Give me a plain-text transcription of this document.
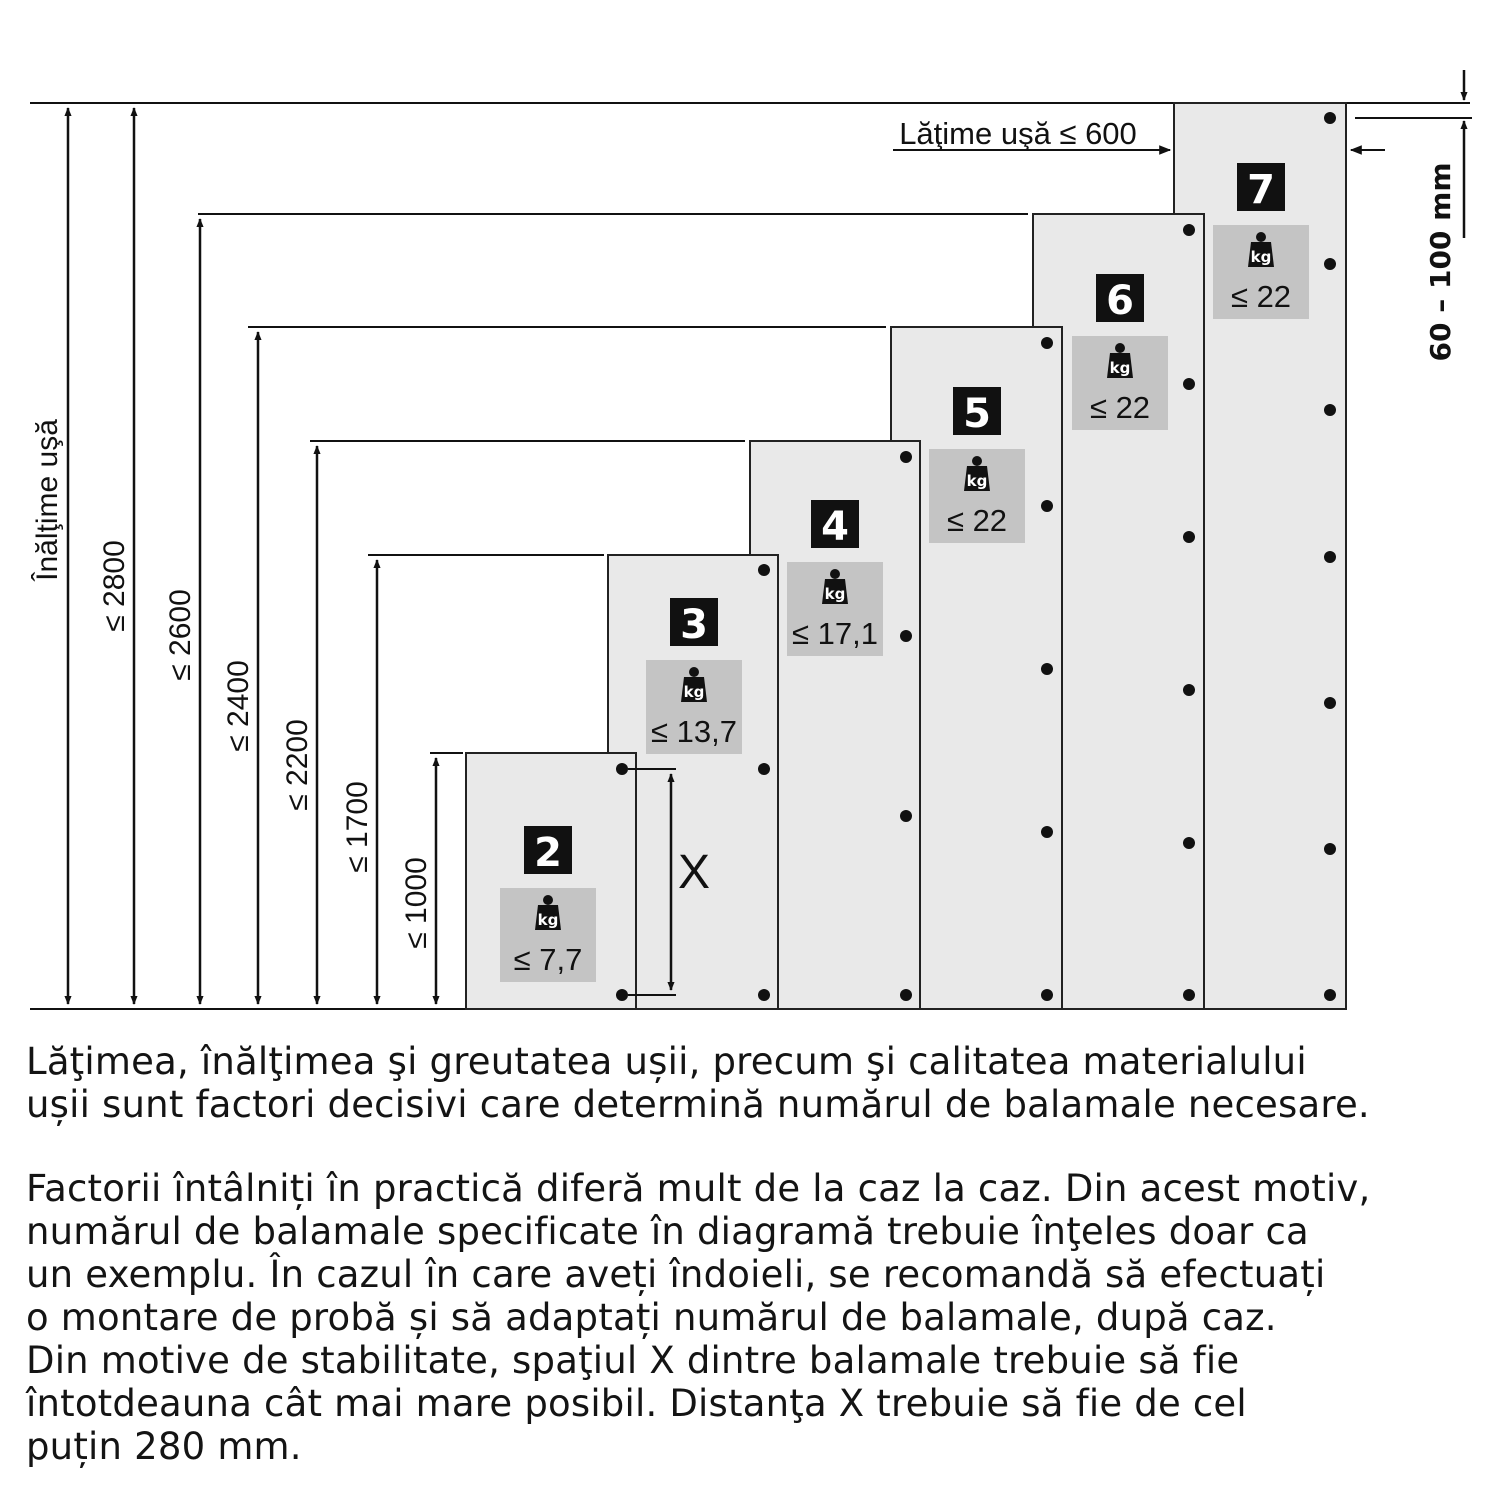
Înălţime uşă
≤ 2800
≤ 2600
≤ 2400
≤ 2200
≤ 1700
≤ 1000	X
Lăţime uşă ≤ 600
60 – 100 mm
2
kg
≤ 7,7
3
kg
≤ 13,7
4
kg
≤ 17,1
5
kg
≤ 22
6
kg
≤ 22
7
kg
≤ 22

Lăţimea, înălţimea şi greutatea ușii, precum şi calitatea materialului
ușii sunt factori decisivi care determină numărul de balamale necesare.

Factorii întâlniți în practică diferă mult de la caz la caz. Din acest motiv,
numărul de balamale specificate în diagramă trebuie înţeles doar ca
un exemplu. În cazul în care aveți îndoieli, se recomandă să efectuați
o montare de probă și să adaptați numărul de balamale, după caz.
Din motive de stabilitate, spaţiul X dintre balamale trebuie să fie
întotdeauna cât mai mare posibil. Distanţa X trebuie să fie de cel
puțin 280 mm.
